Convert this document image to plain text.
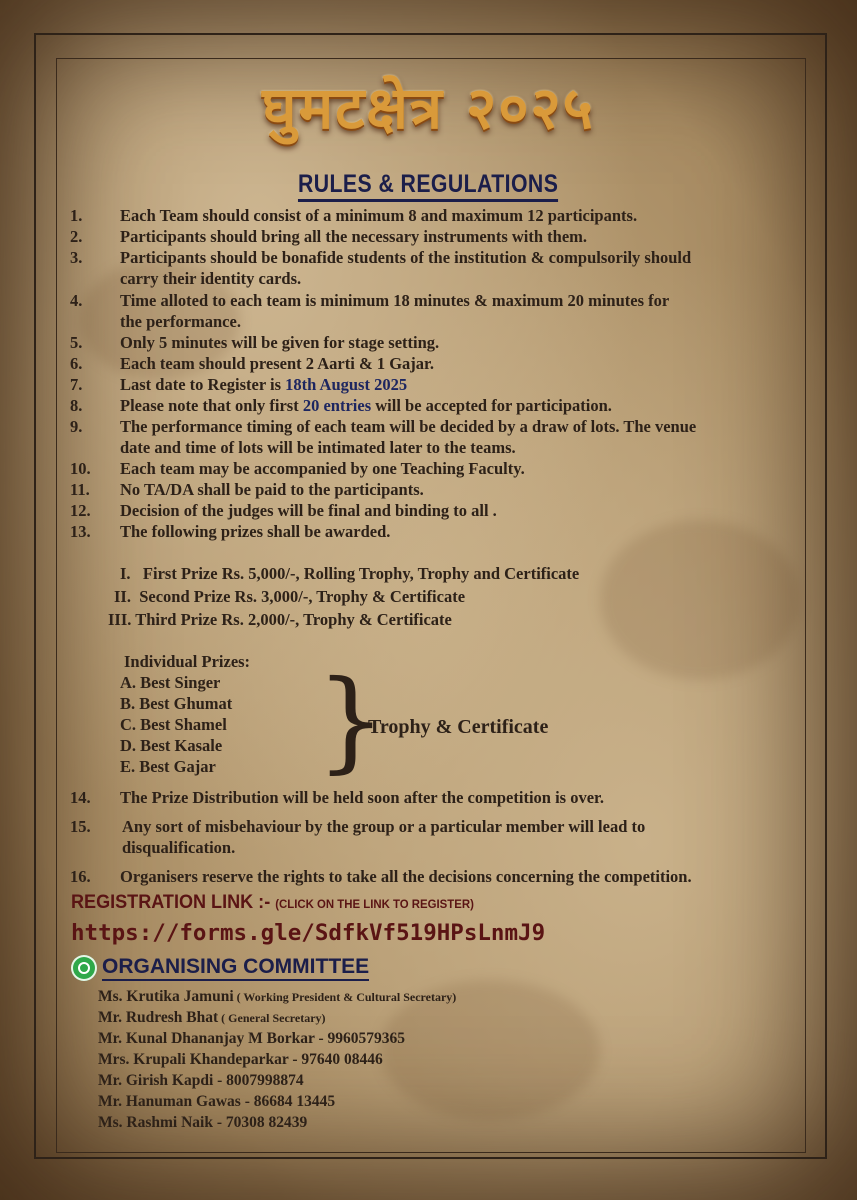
घुमटक्षेत्र २०२५
RULES & REGULATIONS
1.	Each Team should consist of a minimum 8 and maximum 12 participants.
2.	Participants should bring all the necessary instruments with them.
3.	Participants should be bonafide students of the institution & compulsorily should
carry their identity cards.
4.	Time alloted to each team is minimum 18 minutes & maximum 20 minutes for
the performance.
5.	Only 5 minutes will be given for stage setting.
6.	Each team should present 2 Aarti & 1 Gajar.
7.	Last date to Register is 18th August 2025
8.	Please note that only first 20 entries will be accepted for participation.
9.	The performance timing of each team will be decided by a draw of lots. The venue
date and time of lots will be intimated later to the teams.
10.	Each team may be accompanied by one Teaching Faculty.
11.	No TA/DA shall be paid to the participants.
12.	Decision of the judges will be final and binding to all .
13.	The following prizes shall be awarded.
I.   First Prize Rs. 5,000/-, Rolling Trophy, Trophy and Certificate
II.  Second Prize Rs. 3,000/-, Trophy & Certificate
III. Third Prize Rs. 2,000/-, Trophy & Certificate
Individual Prizes:
A. Best Singer
B. Best Ghumat
C. Best Shamel
D. Best Kasale
E. Best Gajar }
Trophy & Certificate
14.	The Prize Distribution will be held soon after the competition is over.
15.	Any sort of misbehaviour by the group or a particular member will lead to
disqualification.
16.	Organisers reserve the rights to take all the decisions concerning the competition.
REGISTRATION LINK :- (CLICK ON THE LINK TO REGISTER)
https://forms.gle/SdfkVf519HPsLnmJ9
ORGANISING COMMITTEE
Ms. Krutika Jamuni ( Working President & Cultural Secretary)
Mr. Rudresh Bhat ( General Secretary)
Mr. Kunal Dhananjay M Borkar - 9960579365
Mrs. Krupali Khandeparkar - 97640 08446
Mr. Girish Kapdi - 8007998874
Mr. Hanuman Gawas - 86684 13445
Ms. Rashmi Naik - 70308 82439
